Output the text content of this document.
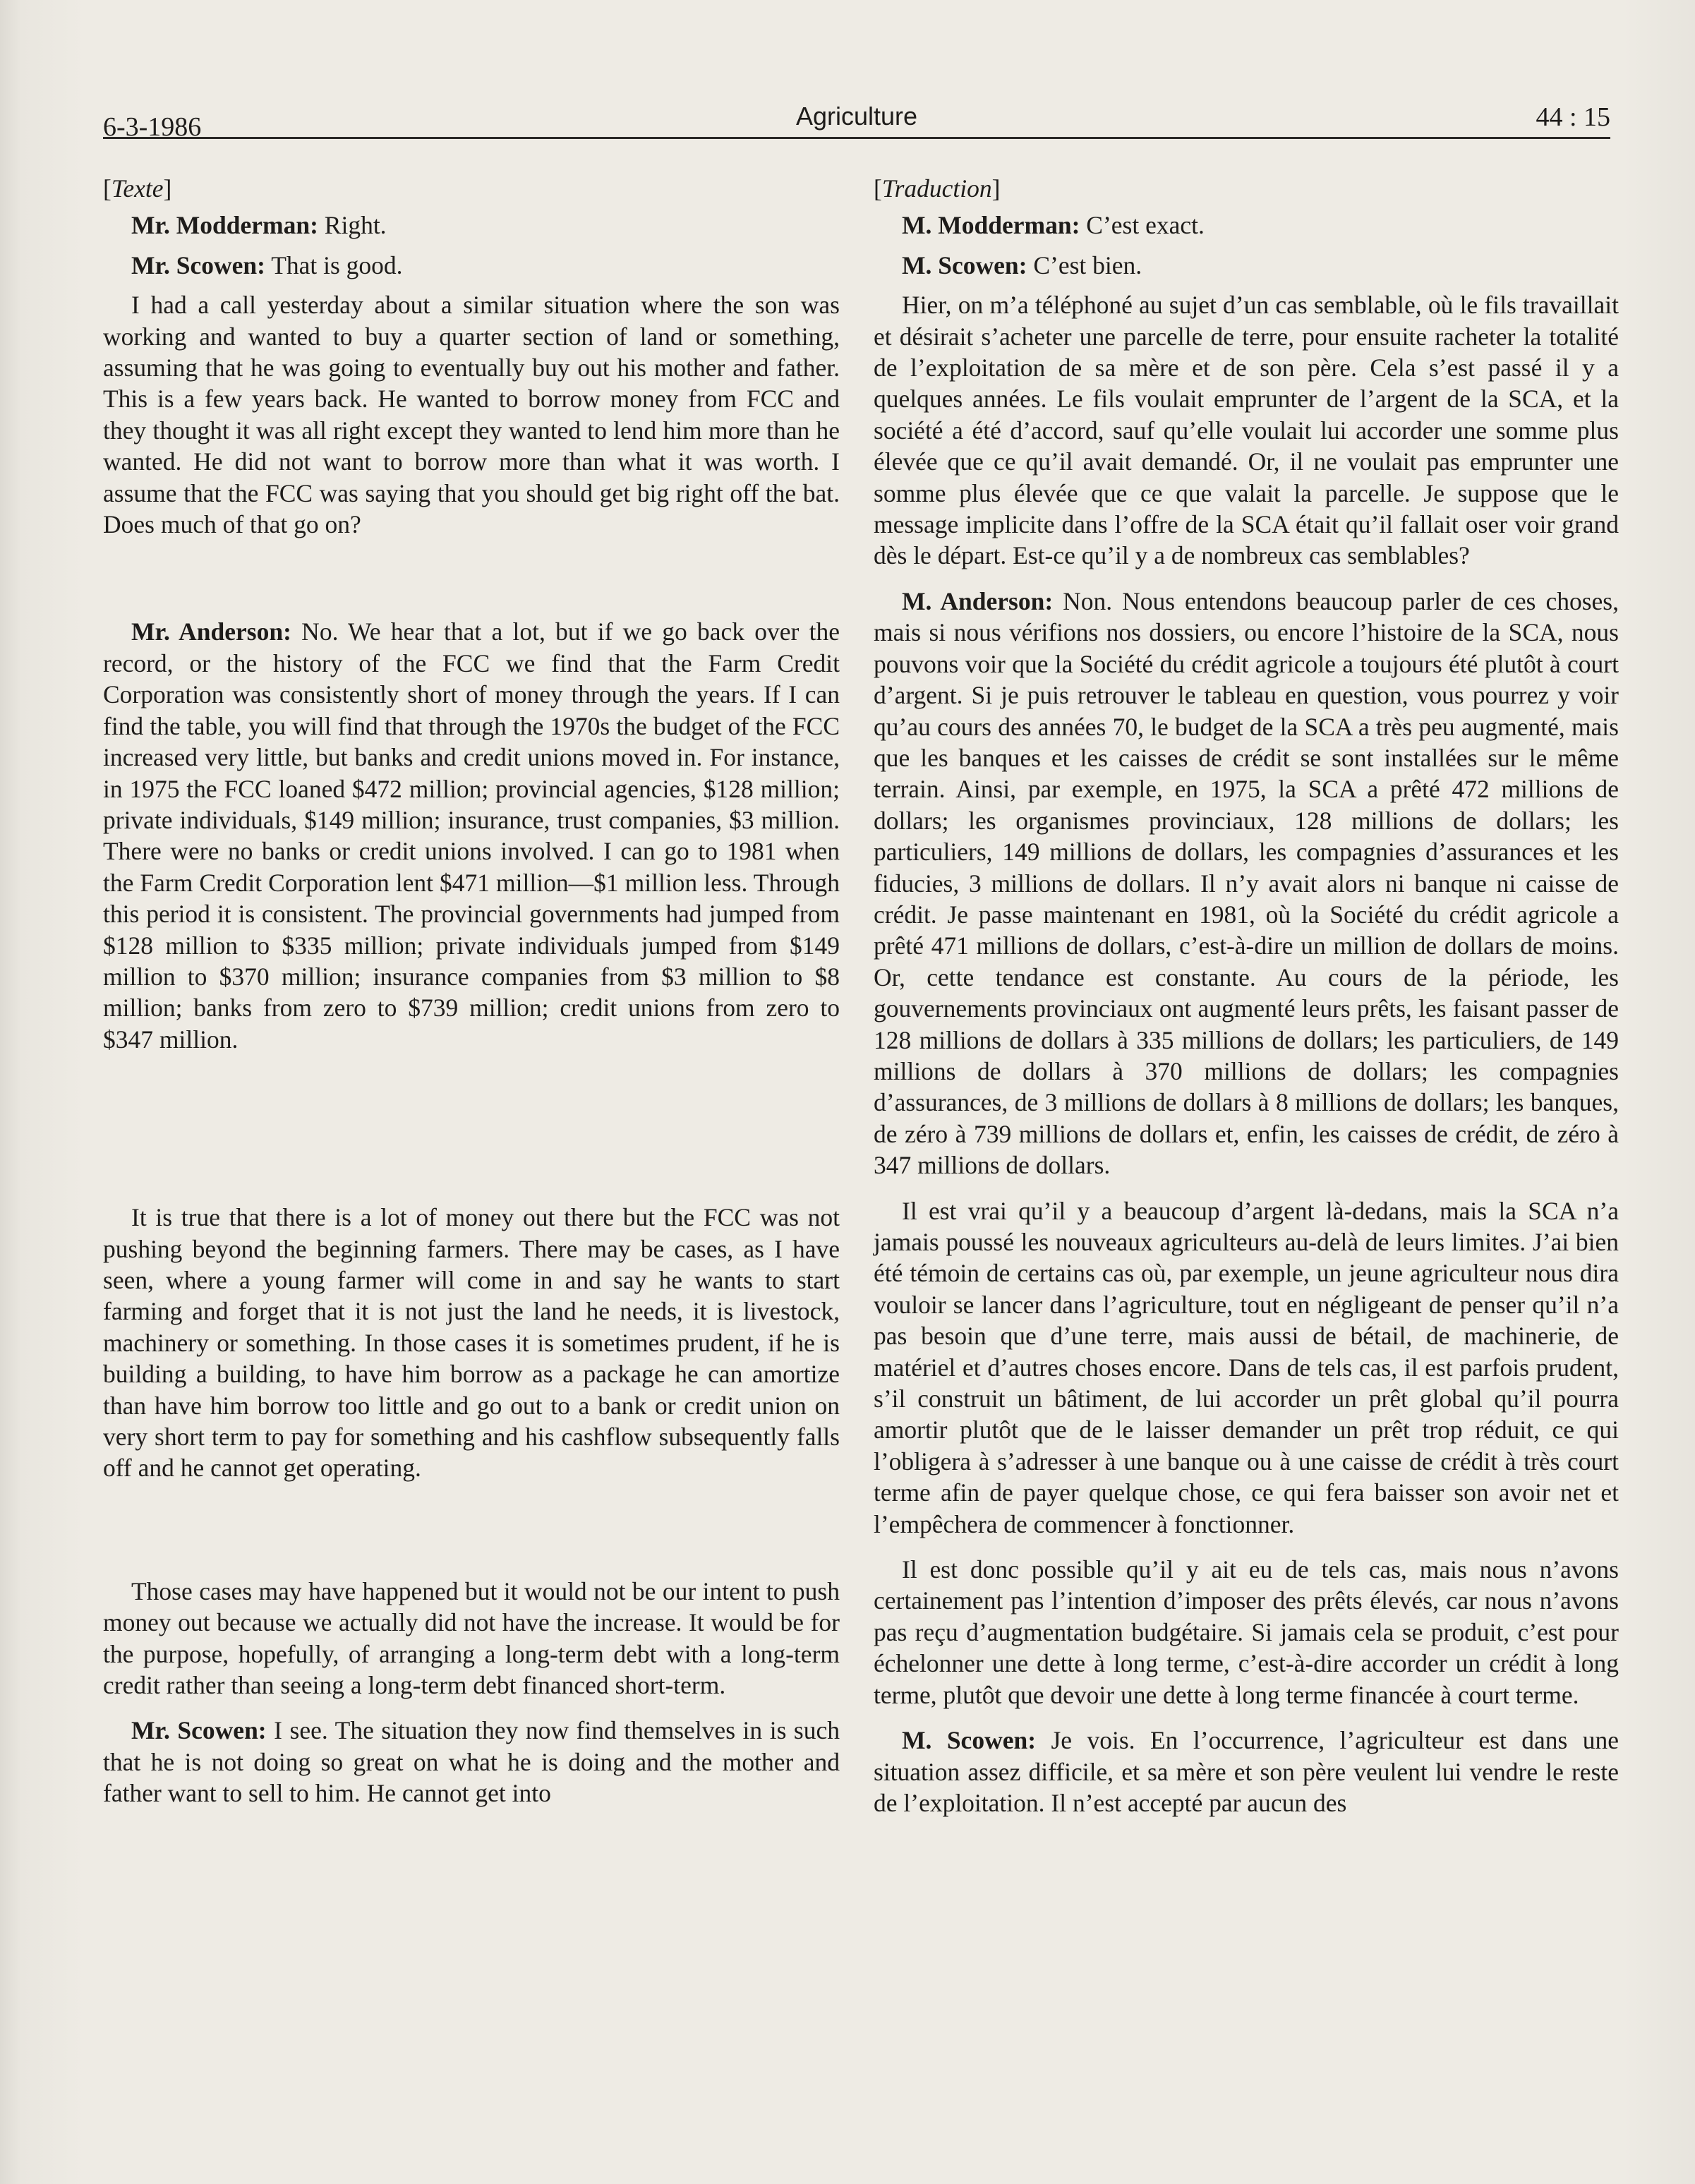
6-3-1986	Agriculture	44 : 15

[Texte]

Mr. Modderman: Right.

Mr. Scowen: That is good.

I had a call yesterday about a similar situation where the son was working and wanted to buy a quarter section of land or something, assuming that he was going to eventually buy out his mother and father. This is a few years back. He wanted to borrow money from FCC and they thought it was all right except they wanted to lend him more than he wanted. He did not want to borrow more than what it was worth. I assume that the FCC was saying that you should get big right off the bat. Does much of that go on?

Mr. Anderson: No. We hear that a lot, but if we go back over the record, or the history of the FCC we find that the Farm Credit Corporation was consistently short of money through the years. If I can find the table, you will find that through the 1970s the budget of the FCC increased very little, but banks and credit unions moved in. For instance, in 1975 the FCC loaned $472 million; provincial agencies, $128 million; private individuals, $149 million; insurance, trust companies, $3 million. There were no banks or credit unions involved. I can go to 1981 when the Farm Credit Corporation lent $471 million—$1 million less. Through this period it is consistent. The provincial governments had jumped from $128 million to $335 million; private individuals jumped from $149 million to $370 million; insurance companies from $3 million to $8 million; banks from zero to $739 million; credit unions from zero to $347 million.

It is true that there is a lot of money out there but the FCC was not pushing beyond the beginning farmers. There may be cases, as I have seen, where a young farmer will come in and say he wants to start farming and forget that it is not just the land he needs, it is livestock, machinery or something. In those cases it is sometimes prudent, if he is building a building, to have him borrow as a package he can amortize than have him borrow too little and go out to a bank or credit union on very short term to pay for something and his cashflow subsequently falls off and he cannot get operating.

Those cases may have happened but it would not be our intent to push money out because we actually did not have the increase. It would be for the purpose, hopefully, of arranging a long-term debt with a long-term credit rather than seeing a long-term debt financed short-term.

Mr. Scowen: I see. The situation they now find themselves in is such that he is not doing so great on what he is doing and the mother and father want to sell to him. He cannot get into

[Traduction]

M. Modderman: C’est exact.

M. Scowen: C’est bien.

Hier, on m’a téléphoné au sujet d’un cas semblable, où le fils travaillait et désirait s’acheter une parcelle de terre, pour ensuite racheter la totalité de l’exploitation de sa mère et de son père. Cela s’est passé il y a quelques années. Le fils voulait emprunter de l’argent de la SCA, et la société a été d’accord, sauf qu’elle voulait lui accorder une somme plus élevée que ce qu’il avait demandé. Or, il ne voulait pas emprunter une somme plus élevée que ce que valait la parcelle. Je suppose que le message implicite dans l’offre de la SCA était qu’il fallait oser voir grand dès le départ. Est-ce qu’il y a de nombreux cas semblables?

M. Anderson: Non. Nous entendons beaucoup parler de ces choses, mais si nous vérifions nos dossiers, ou encore l’histoire de la SCA, nous pouvons voir que la Société du crédit agricole a toujours été plutôt à court d’argent. Si je puis retrouver le tableau en question, vous pourrez y voir qu’au cours des années 70, le budget de la SCA a très peu augmenté, mais que les banques et les caisses de crédit se sont installées sur le même terrain. Ainsi, par exemple, en 1975, la SCA a prêté 472 millions de dollars; les organismes provinciaux, 128 millions de dollars; les particuliers, 149 millions de dollars, les compagnies d’assurances et les fiducies, 3 millions de dollars. Il n’y avait alors ni banque ni caisse de crédit. Je passe maintenant en 1981, où la Société du crédit agricole a prêté 471 millions de dollars, c’est-à-dire un million de dollars de moins. Or, cette tendance est constante. Au cours de la période, les gouvernements provinciaux ont augmenté leurs prêts, les faisant passer de 128 millions de dollars à 335 millions de dollars; les particuliers, de 149 millions de dollars à 370 millions de dollars; les compagnies d’assurances, de 3 millions de dollars à 8 millions de dollars; les banques, de zéro à 739 millions de dollars et, enfin, les caisses de crédit, de zéro à 347 millions de dollars.

Il est vrai qu’il y a beaucoup d’argent là-dedans, mais la SCA n’a jamais poussé les nouveaux agriculteurs au-delà de leurs limites. J’ai bien été témoin de certains cas où, par exemple, un jeune agriculteur nous dira vouloir se lancer dans l’agriculture, tout en négligeant de penser qu’il n’a pas besoin que d’une terre, mais aussi de bétail, de machinerie, de matériel et d’autres choses encore. Dans de tels cas, il est parfois prudent, s’il construit un bâtiment, de lui accorder un prêt global qu’il pourra amortir plutôt que de le laisser demander un prêt trop réduit, ce qui l’obligera à s’adresser à une banque ou à une caisse de crédit à très court terme afin de payer quelque chose, ce qui fera baisser son avoir net et l’empêchera de commencer à fonctionner.

Il est donc possible qu’il y ait eu de tels cas, mais nous n’avons certainement pas l’intention d’imposer des prêts élevés, car nous n’avons pas reçu d’augmentation budgétaire. Si jamais cela se produit, c’est pour échelonner une dette à long terme, c’est-à-dire accorder un crédit à long terme, plutôt que devoir une dette à long terme financée à court terme.

M. Scowen: Je vois. En l’occurrence, l’agriculteur est dans une situation assez difficile, et sa mère et son père veulent lui vendre le reste de l’exploitation. Il n’est accepté par aucun des
